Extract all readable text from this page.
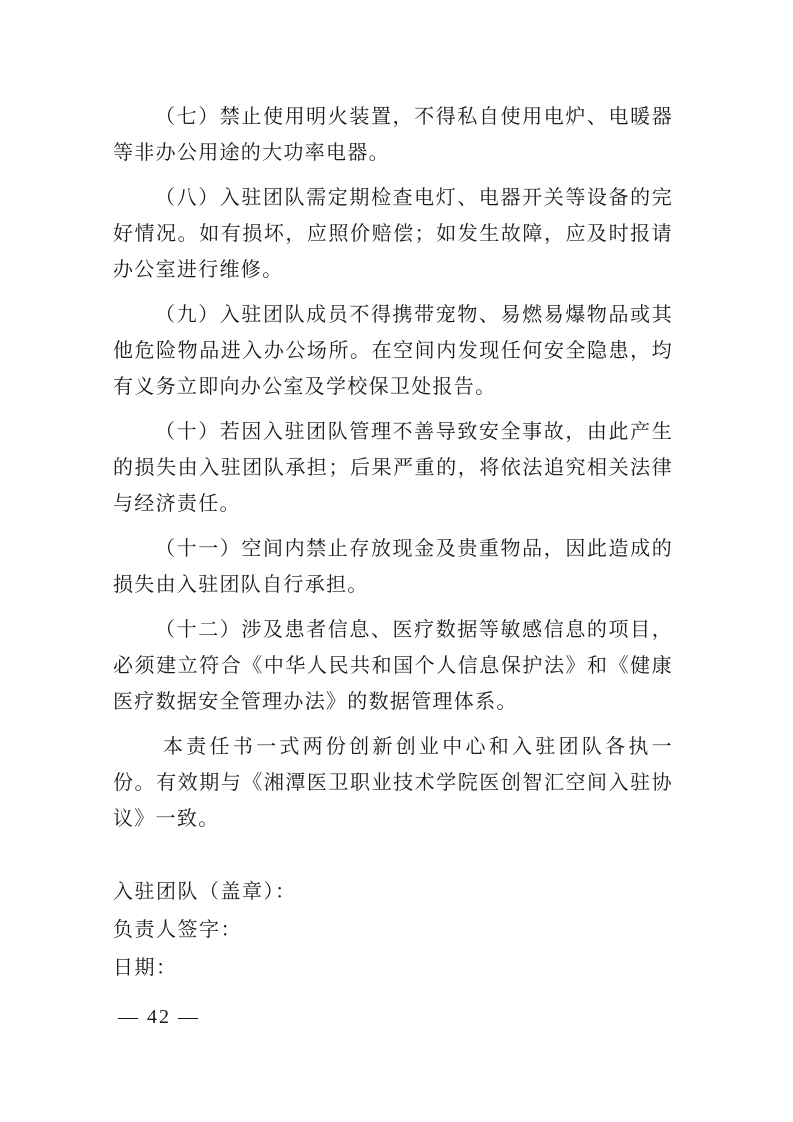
（七）禁止使用明火装置，不得私自使用电炉、电暖器等非办公用途的大功率电器。

（八）入驻团队需定期检查电灯、电器开关等设备的完好情况。如有损坏，应照价赔偿；如发生故障，应及时报请办公室进行维修。

（九）入驻团队成员不得携带宠物、易燃易爆物品或其他危险物品进入办公场所。在空间内发现任何安全隐患，均有义务立即向办公室及学校保卫处报告。

（十）若因入驻团队管理不善导致安全事故，由此产生的损失由入驻团队承担；后果严重的，将依法追究相关法律与经济责任。

（十一）空间内禁止存放现金及贵重物品，因此造成的损失由入驻团队自行承担。

（十二）涉及患者信息、医疗数据等敏感信息的项目，必须建立符合《中华人民共和国个人信息保护法》和《健康医疗数据安全管理办法》的数据管理体系。

本责任书一式两份创新创业中心和入驻团队各执一份。有效期与《湘潭医卫职业技术学院医创智汇空间入驻协议》一致。

入驻团队（盖章）：

负责人签字：

日期：

— 42 —
